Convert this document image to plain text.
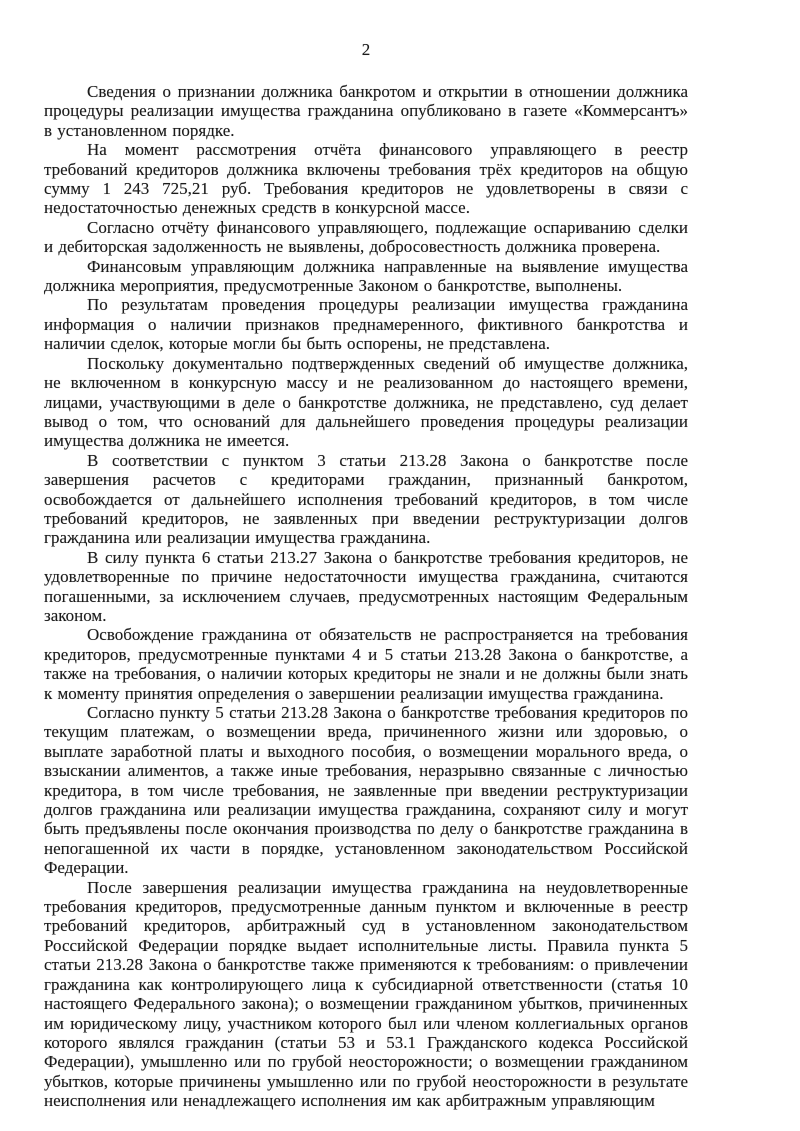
2

Сведения о признании должника банкротом и открытии в отношении должника процедуры реализации имущества гражданина опубликовано в газете «Коммерсантъ» в установленном порядке.

На момент рассмотрения отчёта финансового управляющего в реестр требований кредиторов должника включены требования трёх кредиторов на общую сумму 1 243 725,21 руб. Требования кредиторов не удовлетворены в связи с недостаточностью денежных средств в конкурсной массе.

Согласно отчёту финансового управляющего, подлежащие оспариванию сделки и дебиторская задолженность не выявлены, добросовестность должника проверена.

Финансовым управляющим должника направленные на выявление имущества должника мероприятия, предусмотренные Законом о банкротстве, выполнены.

По результатам проведения процедуры реализации имущества гражданина информация о наличии признаков преднамеренного, фиктивного банкротства и наличии сделок, которые могли бы быть оспорены, не представлена.

Поскольку документально подтвержденных сведений об имуществе должника, не включенном в конкурсную массу и не реализованном до настоящего времени, лицами, участвующими в деле о банкротстве должника, не представлено, суд делает вывод о том, что оснований для дальнейшего проведения процедуры реализации имущества должника не имеется.

В соответствии с пунктом 3 статьи 213.28 Закона о банкротстве после завершения расчетов с кредиторами гражданин, признанный банкротом, освобождается от дальнейшего исполнения требований кредиторов, в том числе требований кредиторов, не заявленных при введении реструктуризации долгов гражданина или реализации имущества гражданина.

В силу пункта 6 статьи 213.27 Закона о банкротстве требования кредиторов, не удовлетворенные по причине недостаточности имущества гражданина, считаются погашенными, за исключением случаев, предусмотренных настоящим Федеральным законом.

Освобождение гражданина от обязательств не распространяется на требования кредиторов, предусмотренные пунктами 4 и 5 статьи 213.28 Закона о банкротстве, а также на требования, о наличии которых кредиторы не знали и не должны были знать к моменту принятия определения о завершении реализации имущества гражданина.

Согласно пункту 5 статьи 213.28 Закона о банкротстве требования кредиторов по текущим платежам, о возмещении вреда, причиненного жизни или здоровью, о выплате заработной платы и выходного пособия, о возмещении морального вреда, о взыскании алиментов, а также иные требования, неразрывно связанные с личностью кредитора, в том числе требования, не заявленные при введении реструктуризации долгов гражданина или реализации имущества гражданина, сохраняют силу и могут быть предъявлены после окончания производства по делу о банкротстве гражданина в непогашенной их части в порядке, установленном законодательством Российской Федерации.

После завершения реализации имущества гражданина на неудовлетворенные требования кредиторов, предусмотренные данным пунктом и включенные в реестр требований кредиторов, арбитражный суд в установленном законодательством Российской Федерации порядке выдает исполнительные листы. Правила пункта 5 статьи 213.28 Закона о банкротстве также применяются к требованиям: о привлечении гражданина как контролирующего лица к субсидиарной ответственности (статья 10 настоящего Федерального закона); о возмещении гражданином убытков, причиненных им юридическому лицу, участником которого был или членом коллегиальных органов которого являлся гражданин (статьи 53 и 53.1 Гражданского кодекса Российской Федерации), умышленно или по грубой неосторожности; о возмещении гражданином убытков, которые причинены умышленно или по грубой неосторожности в результате неисполнения или ненадлежащего исполнения им как арбитражным управляющим
